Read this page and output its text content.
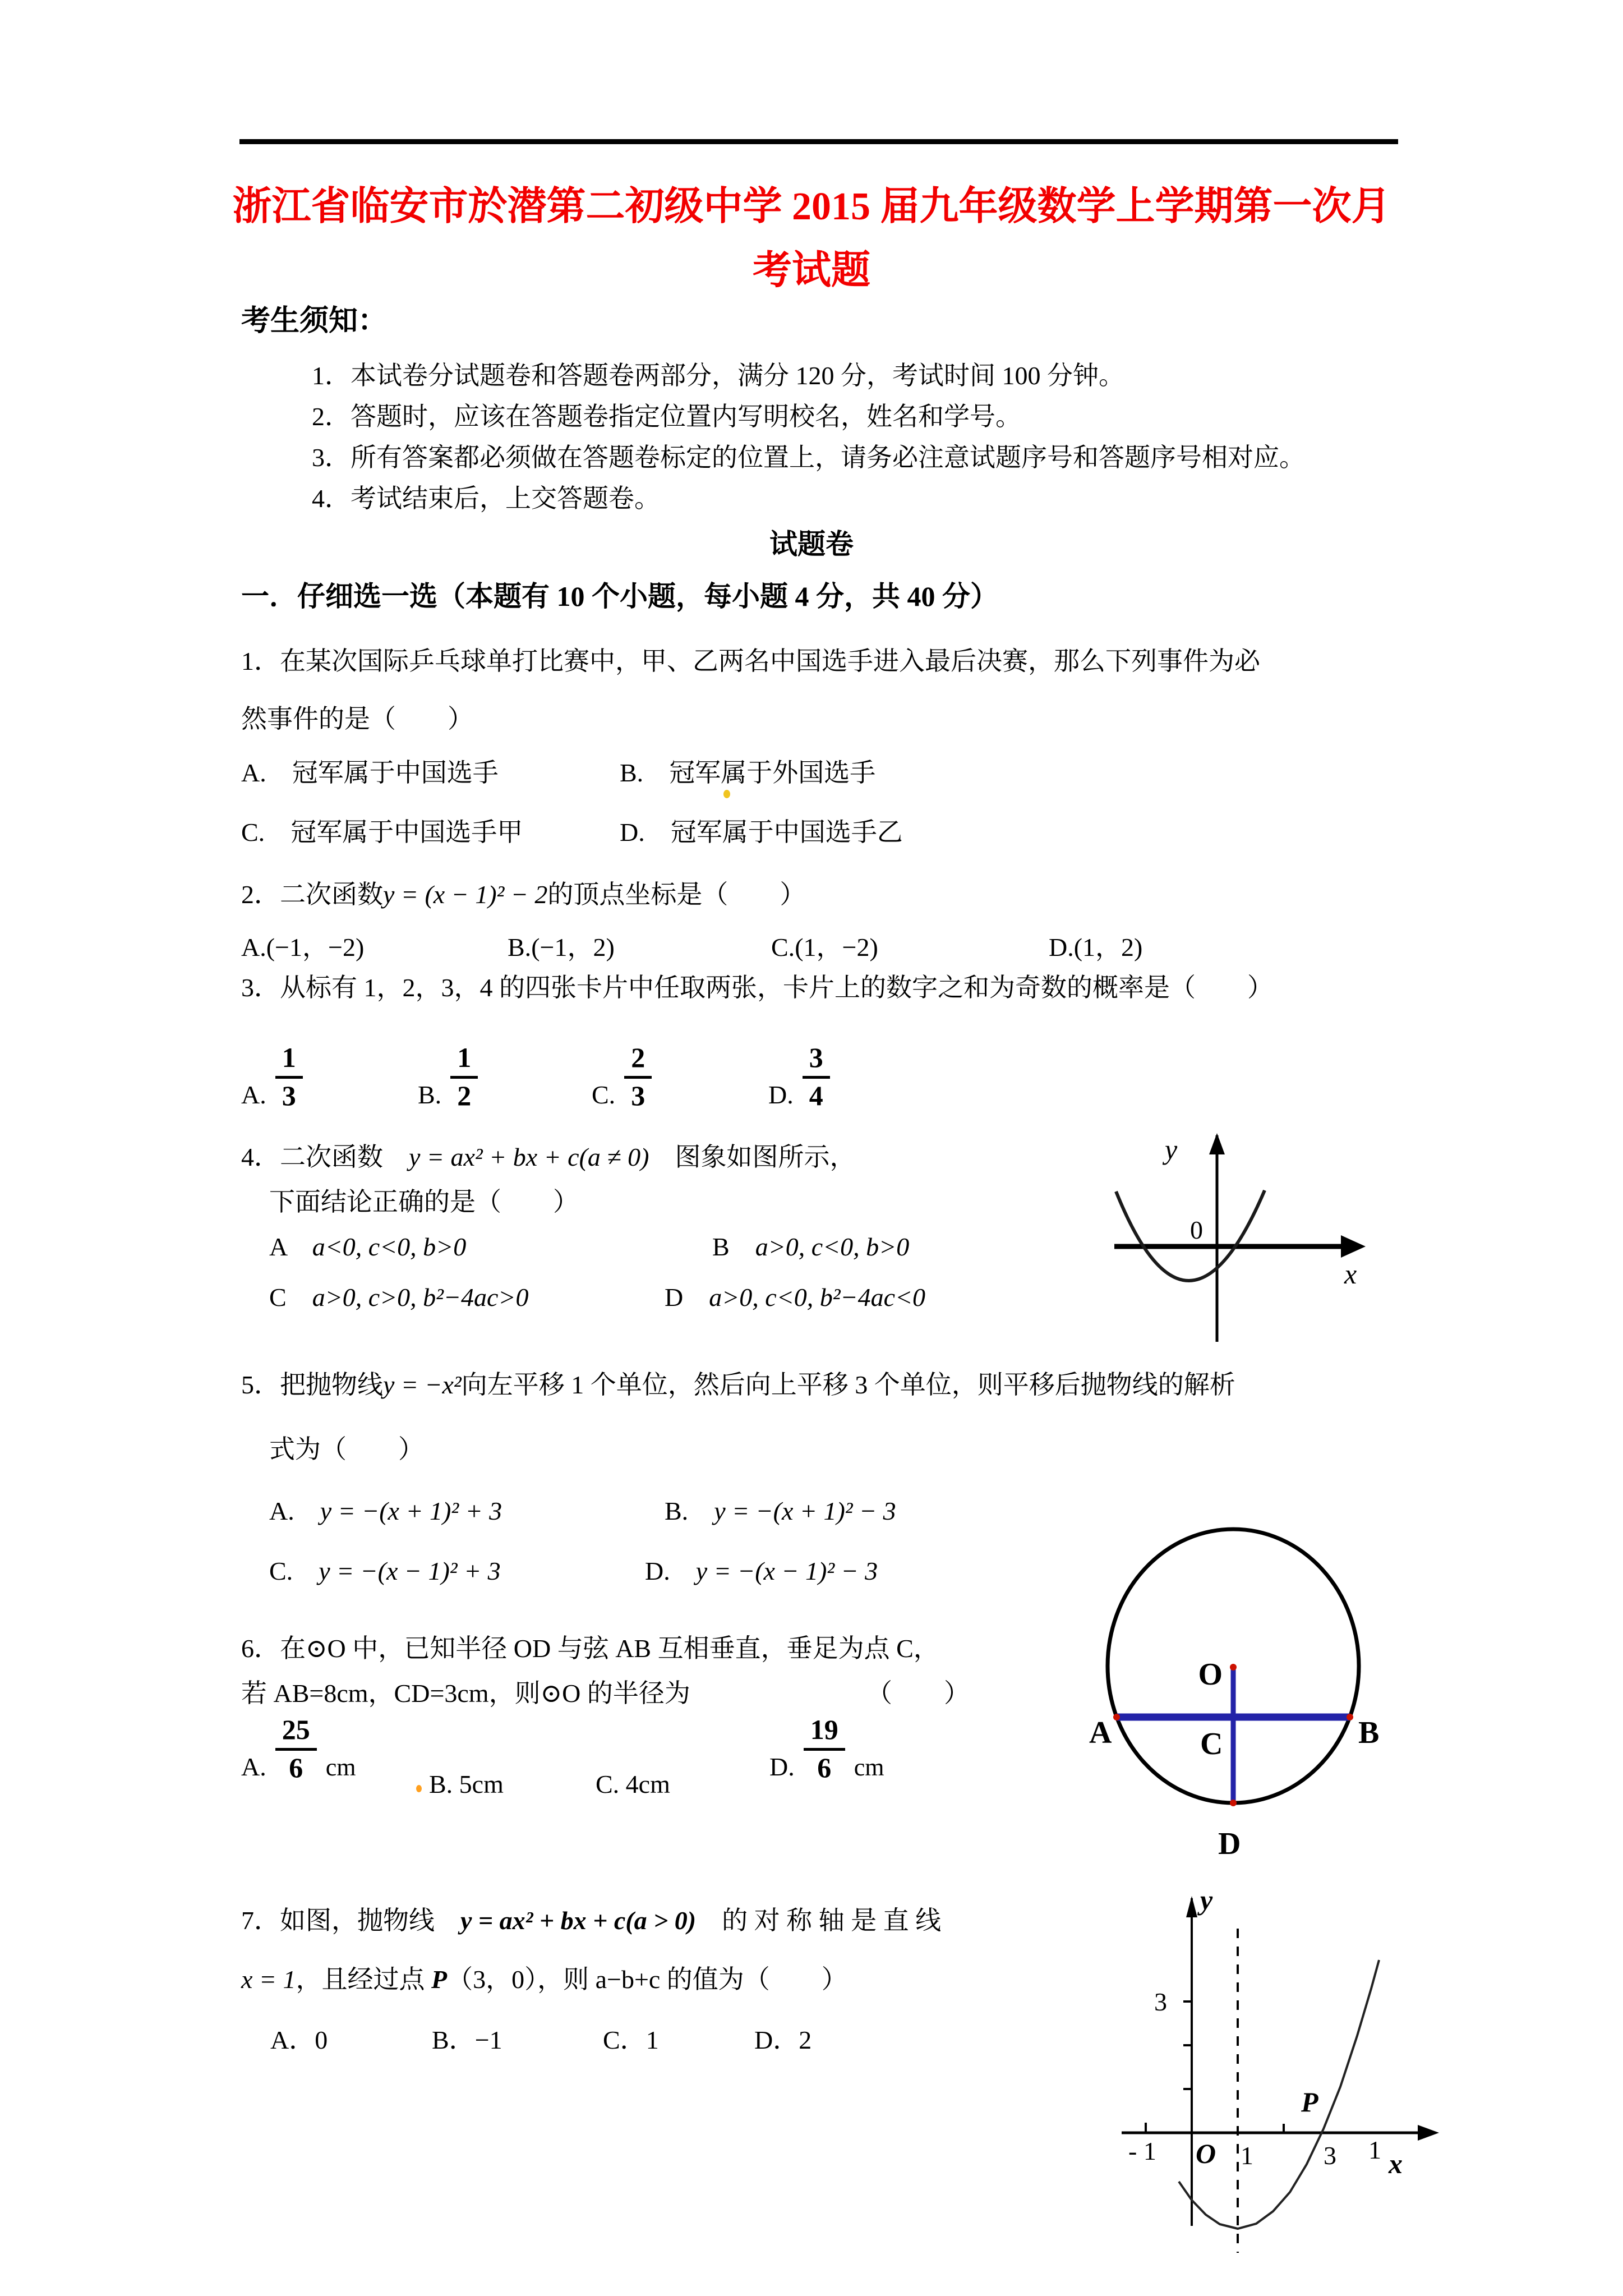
浙江省临安市於潜第二初级中学 2015 届九年级数学上学期第一次月
考试题
考生须知：
1．本试卷分试题卷和答题卷两部分，满分 120 分，考试时间 100 分钟。
2．答题时，应该在答题卷指定位置内写明校名，姓名和学号。
3．所有答案都必须做在答题卷标定的位置上，请务必注意试题序号和答题序号相对应。
4．考试结束后，上交答题卷。
试题卷
一．仔细选一选（本题有 10 个小题，每小题 4 分，共 40 分）
1．在某次国际乒乓球单打比赛中，甲、乙两名中国选手进入最后决赛，那么下列事件为必
然事件的是（　　）
A.　冠军属于中国选手	B.　冠军属于外国选手
C.　冠军属于中国选手甲	D.　冠军属于中国选手乙
2．二次函数y = (x − 1)² − 2的顶点坐标是（　　）
A.(−1，−2)	B.(−1，2)	C.(1，−2)	D.(1，2)
3．从标有 1，2，3，4 的四张卡片中任取两张，卡片上的数字之和为奇数的概率是（　　）
A. $\frac{1}{3}$	B. $\frac{1}{2}$	C. $\frac{2}{3}$	D. $\frac{3}{4}$
4．二次函数　y = ax² + bx + c(a ≠ 0)　图象如图所示，
下面结论正确的是（　　）
A　a<0, c<0, b>0	B　a>0, c<0, b>0
C　a>0, c>0, b²−4ac>0	D　a>0, c<0, b²−4ac<0
0
y
x
5．把抛物线y = −x²向左平移 1 个单位，然后向上平移 3 个单位，则平移后抛物线的解析
式为（　　）
A.　y = −(x + 1)² + 3	B.　y = −(x + 1)² − 3
C.　y = −(x − 1)² + 3	D.　y = −(x − 1)² − 3
6．在⊙O 中，已知半径 OD 与弦 AB 互相垂直，垂足为点 C，
若 AB=8cm，CD=3cm，则⊙O 的半径为	（　　）
A. $\frac{25}{6}$ cm
B. 5cm	C. 4cm
D. $\frac{19}{6}$ cm
O
A	B
C
D
7．如图，抛物线　y = ax² + bx + c(a > 0)　的 对 称 轴 是 直 线
x = 1，且经过点 P（3，0），则 a−b+c 的值为（　　）
A．0	B．−1	C．1	D．2
y
3
- 1 O 1	3 1 x
P
